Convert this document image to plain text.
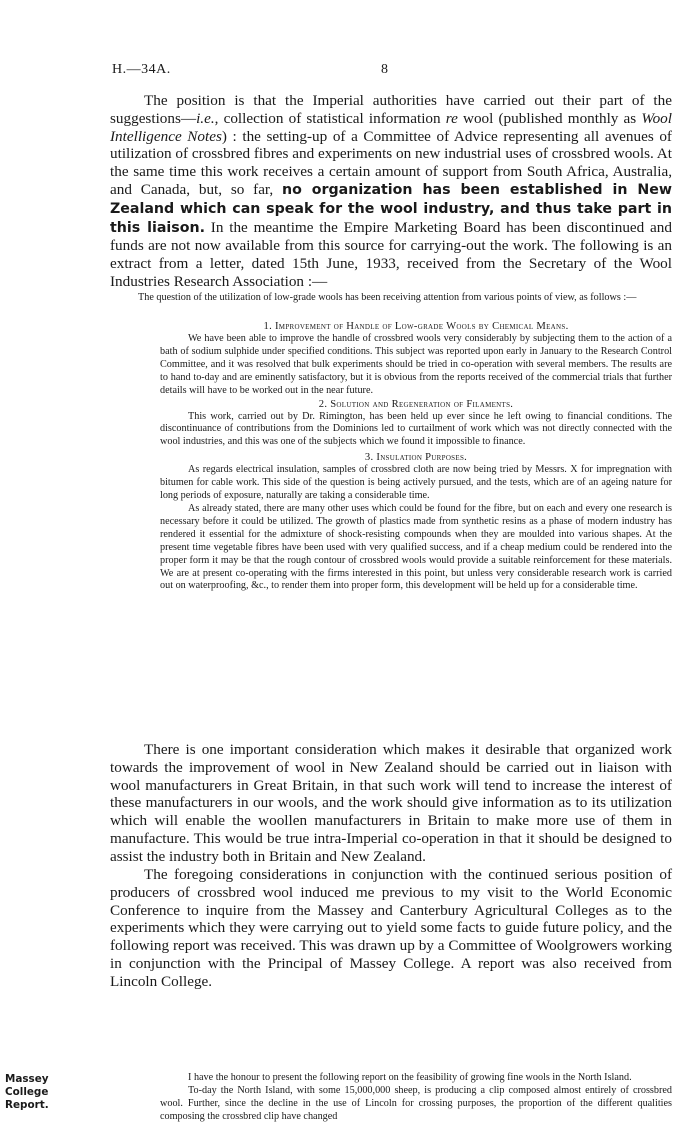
H.—34A.	8

The position is that the Imperial authorities have carried out their part of the suggestions—i.e., collection of statistical information re wool (published monthly as Wool Intelligence Notes) : the setting-up of a Committee of Advice representing all avenues of utilization of crossbred fibres and experiments on new industrial uses of crossbred wools. At the same time this work receives a certain amount of support from South Africa, Australia, and Canada, but, so far, no organization has been established in New Zealand which can speak for the wool industry, and thus take part in this liaison. In the meantime the Empire Marketing Board has been discontinued and funds are not now available from this source for carrying-out the work. The following is an extract from a letter, dated 15th June, 1933, received from the Secretary of the Wool Industries Research Association :—

The question of the utilization of low-grade wools has been receiving attention from various points of view, as follows :—

1. Improvement of Handle of Low-grade Wools by Chemical Means.

We have been able to improve the handle of crossbred wools very considerably by subjecting them to the action of a bath of sodium sulphide under specified conditions. This subject was reported upon early in January to the Research Control Committee, and it was resolved that bulk experiments should be tried in co-operation with several members. The results are to hand to-day and are eminently satisfactory, but it is obvious from the reports received of the commercial trials that further details will have to be worked out in the near future.

2. Solution and Regeneration of Filaments.

This work, carried out by Dr. Rimington, has been held up ever since he left owing to financial conditions. The discontinuance of contributions from the Dominions led to curtailment of work which was not directly connected with the wool industries, and this was one of the subjects which we found it impossible to finance.

3. Insulation Purposes.

As regards electrical insulation, samples of crossbred cloth are now being tried by Messrs. X for impregnation with bitumen for cable work. This side of the question is being actively pursued, and the tests, which are of an ageing nature for long periods of exposure, naturally are taking a considerable time.

As already stated, there are many other uses which could be found for the fibre, but on each and every one research is necessary before it could be utilized. The growth of plastics made from synthetic resins as a phase of modern industry has rendered it essential for the admixture of shock-resisting compounds when they are moulded into various shapes. At the present time vegetable fibres have been used with very qualified success, and if a cheap medium could be rendered into the proper form it may be that the rough contour of crossbred wools would provide a suitable reinforcement for these materials. We are at present co-operating with the firms interested in this point, but unless very considerable research work is carried out on waterproofing, &c., to render them into proper form, this development will be held up for a considerable time.

There is one important consideration which makes it desirable that organized work towards the improvement of wool in New Zealand should be carried out in liaison with wool manufacturers in Great Britain, in that such work will tend to increase the interest of these manufacturers in our wools, and the work should give information as to its utilization which will enable the woollen manufacturers in Britain to make more use of them in manufacture. This would be true intra-Imperial co-operation in that it should be designed to assist the industry both in Britain and New Zealand.

The foregoing considerations in conjunction with the continued serious position of producers of crossbred wool induced me previous to my visit to the World Economic Conference to inquire from the Massey and Canterbury Agricultural Colleges as to the experiments which they were carrying out to yield some facts to guide future policy, and the following report was received. This was drawn up by a Committee of Woolgrowers working in conjunction with the Principal of Massey College. A report was also received from Lincoln College.

Massey College Report.

I have the honour to present the following report on the feasibility of growing fine wools in the North Island.

To-day the North Island, with some 15,000,000 sheep, is producing a clip composed almost entirely of crossbred wool. Further, since the decline in the use of Lincoln for crossing purposes, the proportion of the different qualities composing the crossbred clip have changed
